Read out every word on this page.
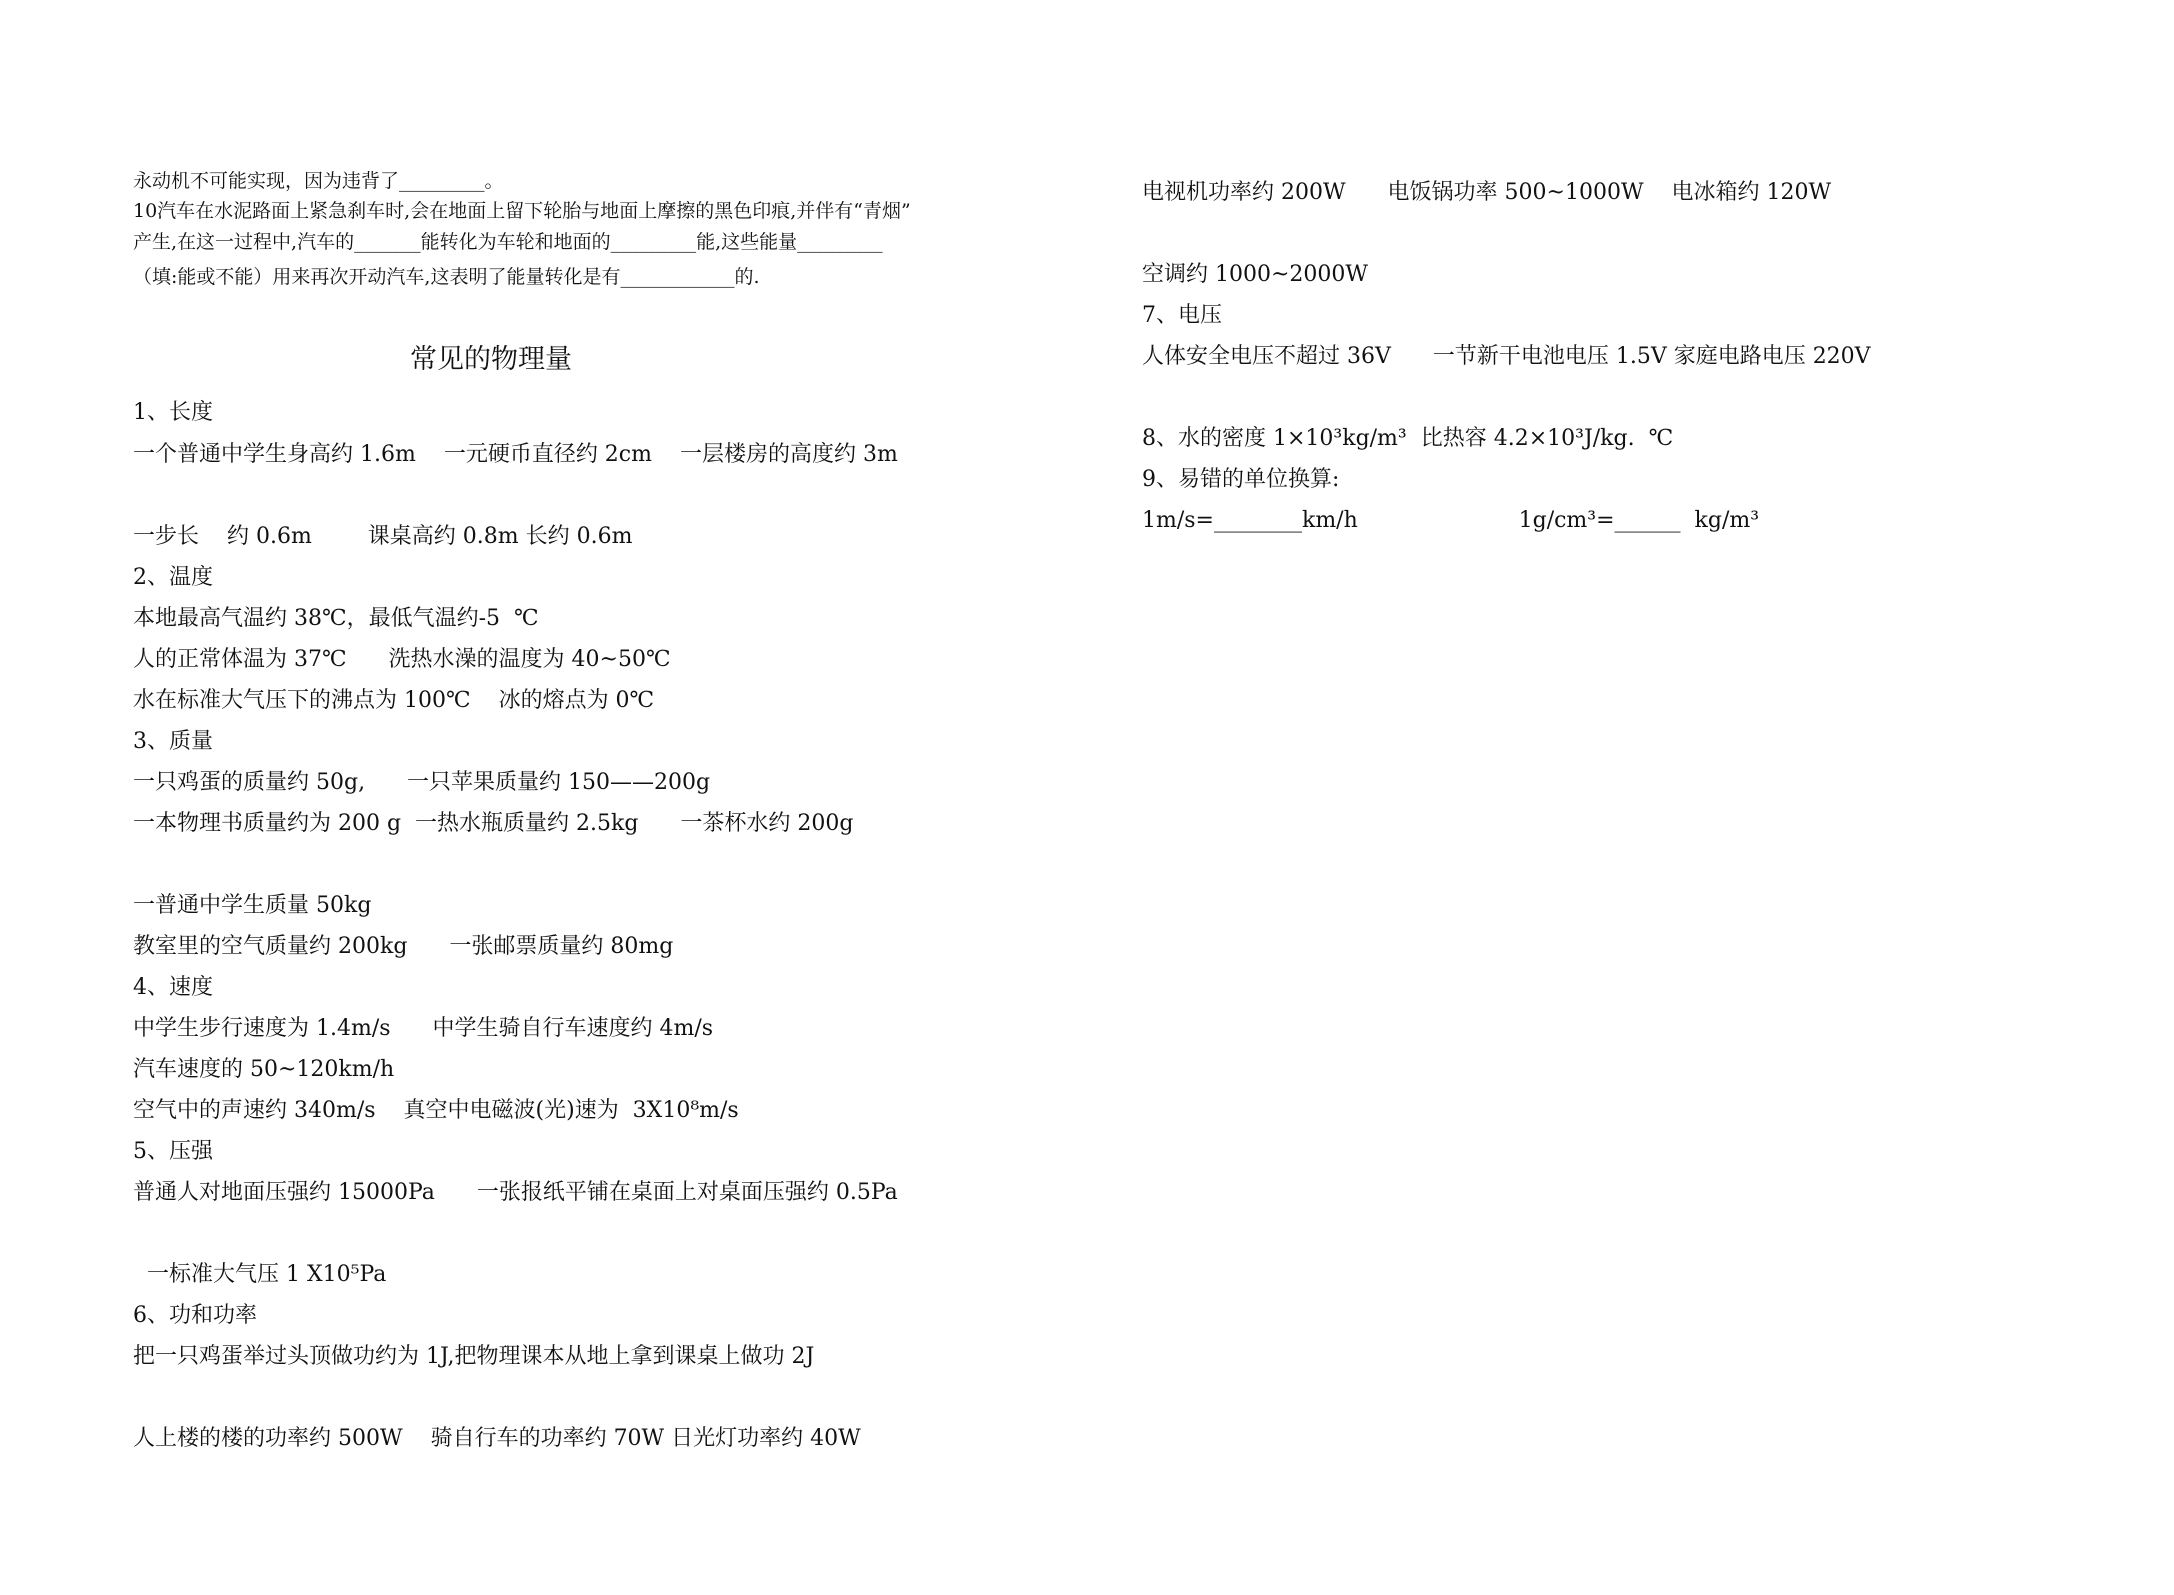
永动机不可能实现，因为违背了_________。
10汽车在水泥路面上紧急刹车时,会在地面上留下轮胎与地面上摩擦的黑色印痕,并伴有“青烟”
产生,在这一过程中,汽车的_______能转化为车轮和地面的_________能,这些能量_________
（填:能或不能）用来再次开动汽车,这表明了能量转化是有____________的.
常见的物理量
1、长度
一个普通中学生身高约 1.6m    一元硬币直径约 2cm    一层楼房的高度约 3m
一步长    约 0.6m        课桌高约 0.8m 长约 0.6m
2、温度
本地最高气温约 38℃，最低气温约-5  ℃
人的正常体温为 37℃      洗热水澡的温度为 40~50℃
水在标准大气压下的沸点为 100℃    冰的熔点为 0℃
3、质量
一只鸡蛋的质量约 50g,      一只苹果质量约 150——200g
一本物理书质量约为 200 g  一热水瓶质量约 2.5kg      一茶杯水约 200g
一普通中学生质量 50kg
教室里的空气质量约 200kg      一张邮票质量约 80mg
4、速度
中学生步行速度为 1.4m/s      中学生骑自行车速度约 4m/s
汽车速度的 50~120km/h
空气中的声速约 340m/s    真空中电磁波(光)速为  3X10⁸m/s
5、压强
普通人对地面压强约 15000Pa      一张报纸平铺在桌面上对桌面压强约 0.5Pa
一标准大气压 1 X10⁵Pa
6、功和功率
把一只鸡蛋举过头顶做功约为 1J,把物理课本从地上拿到课桌上做功 2J
人上楼的楼的功率约 500W    骑自行车的功率约 70W 日光灯功率约 40W
电视机功率约 200W      电饭锅功率 500~1000W    电冰箱约 120W
空调约 1000~2000W
7、电压
人体安全电压不超过 36V      一节新干电池电压 1.5V 家庭电路电压 220V
8、水的密度 1×10³kg/m³  比热容 4.2×10³J/kg.  ℃
9、易错的单位换算:
1m/s=________km/h                       1g/cm³=______  kg/m³
